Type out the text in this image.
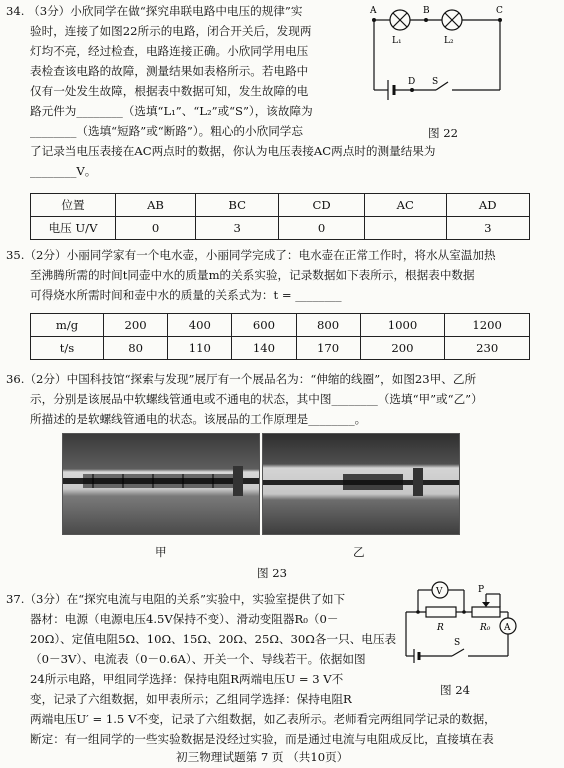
34. （3分）小欣同学在做“探究串联电路中电压的规律”实
验时，连接了如图22所示的电路，闭合开关后，发现两
灯均不亮，经过检查，电路连接正确。小欣同学用电压
表检查该电路的故障，测量结果如表格所示。若电路中
仅有一处发生故障，根据表中数据可知，发生故障的电
路元件为________（选填“L₁”、“L₂”或“S”），该故障为
________（选填“短路”或“断路”）。粗心的小欣同学忘
了记录当电压表接在AC两点时的数据，你认为电压表接AC两点时的测量结果为
________V。
A	B	C
L₁	L₂
D S
图 22
位置	AB	BC	CD	AC	AD
电压 U/V	0	3	0		3
35.（2分）小丽同学家有一个电水壶，小丽同学完成了：电水壶在正常工作时，将水从室温加热
至沸腾所需的时间t同壶中水的质量m的关系实验，记录数据如下表所示，根据表中数据
可得烧水所需时间和壶中水的质量的关系式为：t = ________
m/g	200	400	600	800	1000	1200
t/s	80	110	140	170	200	230
36.（2分）中国科技馆“探索与发现”展厅有一个展品名为：“伸缩的线圈”，如图23甲、乙所
示，分别是该展品中软螺线管通电或不通电的状态，其中图________（选填“甲”或“乙”）
所描述的是软螺线管通电的状态。该展品的工作原理是________。
甲	乙
图 23
37.（3分）在“探究电流与电阻的关系”实验中，实验室提供了如下
器材：电源（电源电压4.5V保持不变）、滑动变阻器R₀（0－
20Ω）、定值电阻5Ω、10Ω、15Ω、20Ω、25Ω、30Ω各一只、电压表
（0－3V）、电流表（0－0.6A）、开关一个、导线若干。依据如图
24所示电路，甲组同学选择：保持电阻R两端电压U = 3 V不
变，记录了六组数据，如甲表所示；乙组同学选择：保持电阻R
两端电压U′ = 1.5 V不变，记录了六组数据，如乙表所示。老师看完两组同学记录的数据，
断定：有一组同学的一些实验数据是没经过实验，而是通过电流与电阻成反比，直接填在表
V
A
P
R	R₀
S
图 24
初三物理试题第 7 页 （共10页）
